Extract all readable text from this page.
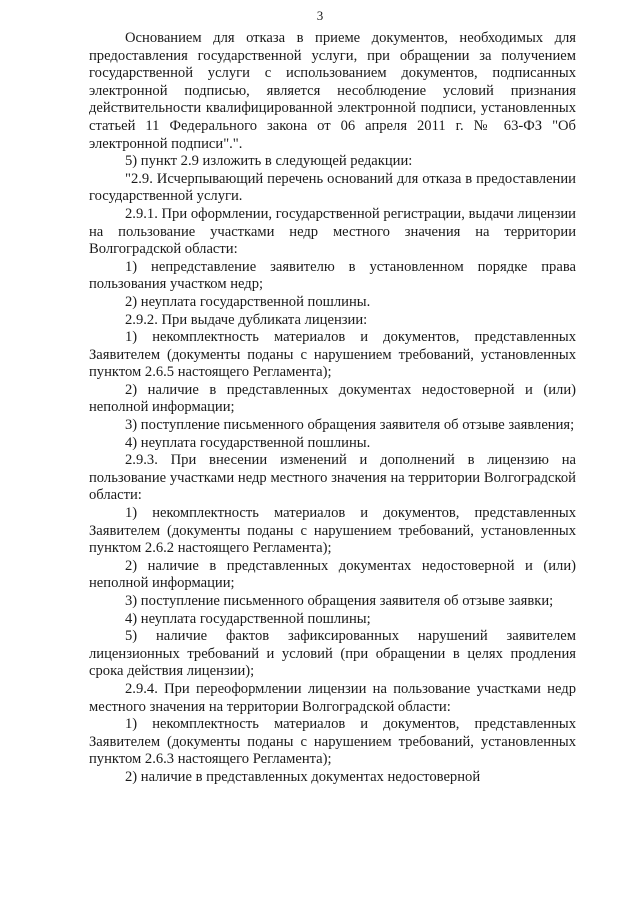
3

Основанием для отказа в приеме документов, необходимых для предоставления государственной услуги, при обращении за получением государственной услуги с использованием документов, подписанных электронной подписью, является несоблюдение условий признания действительности квалифицированной электронной подписи, установленных статьей 11 Федерального закона от 06 апреля 2011 г. № 63-ФЗ "Об электронной подписи".".

5) пункт 2.9 изложить в следующей редакции:

"2.9. Исчерпывающий перечень оснований для отказа в предоставлении государственной услуги.

2.9.1. При оформлении, государственной регистрации, выдачи лицензии на пользование участками недр местного значения на территории Волгоградской области:

1) непредставление заявителю в установленном порядке права пользования участком недр;

2) неуплата государственной пошлины.

2.9.2. При выдаче дубликата лицензии:

1) некомплектность материалов и документов, представленных Заявителем (документы поданы с нарушением требований, установленных пунктом 2.6.5 настоящего Регламента);

2) наличие в представленных документах недостоверной и (или) неполной информации;

3) поступление письменного обращения заявителя об отзыве заявления;

4) неуплата государственной пошлины.

2.9.3. При внесении изменений и дополнений в лицензию на пользование участками недр местного значения на территории Волгоградской области:

1) некомплектность материалов и документов, представленных Заявителем (документы поданы с нарушением требований, установленных пунктом 2.6.2 настоящего Регламента);

2) наличие в представленных документах недостоверной и (или) неполной информации;

3) поступление письменного обращения заявителя об отзыве заявки;

4) неуплата государственной пошлины;

5) наличие фактов зафиксированных нарушений заявителем лицензионных требований и условий (при обращении в целях продления срока действия лицензии);

2.9.4. При переоформлении лицензии на пользование участками недр местного значения на территории Волгоградской области:

1) некомплектность материалов и документов, представленных Заявителем (документы поданы с нарушением требований, установленных пунктом 2.6.3 настоящего Регламента);

2) наличие в представленных документах недостоверной
